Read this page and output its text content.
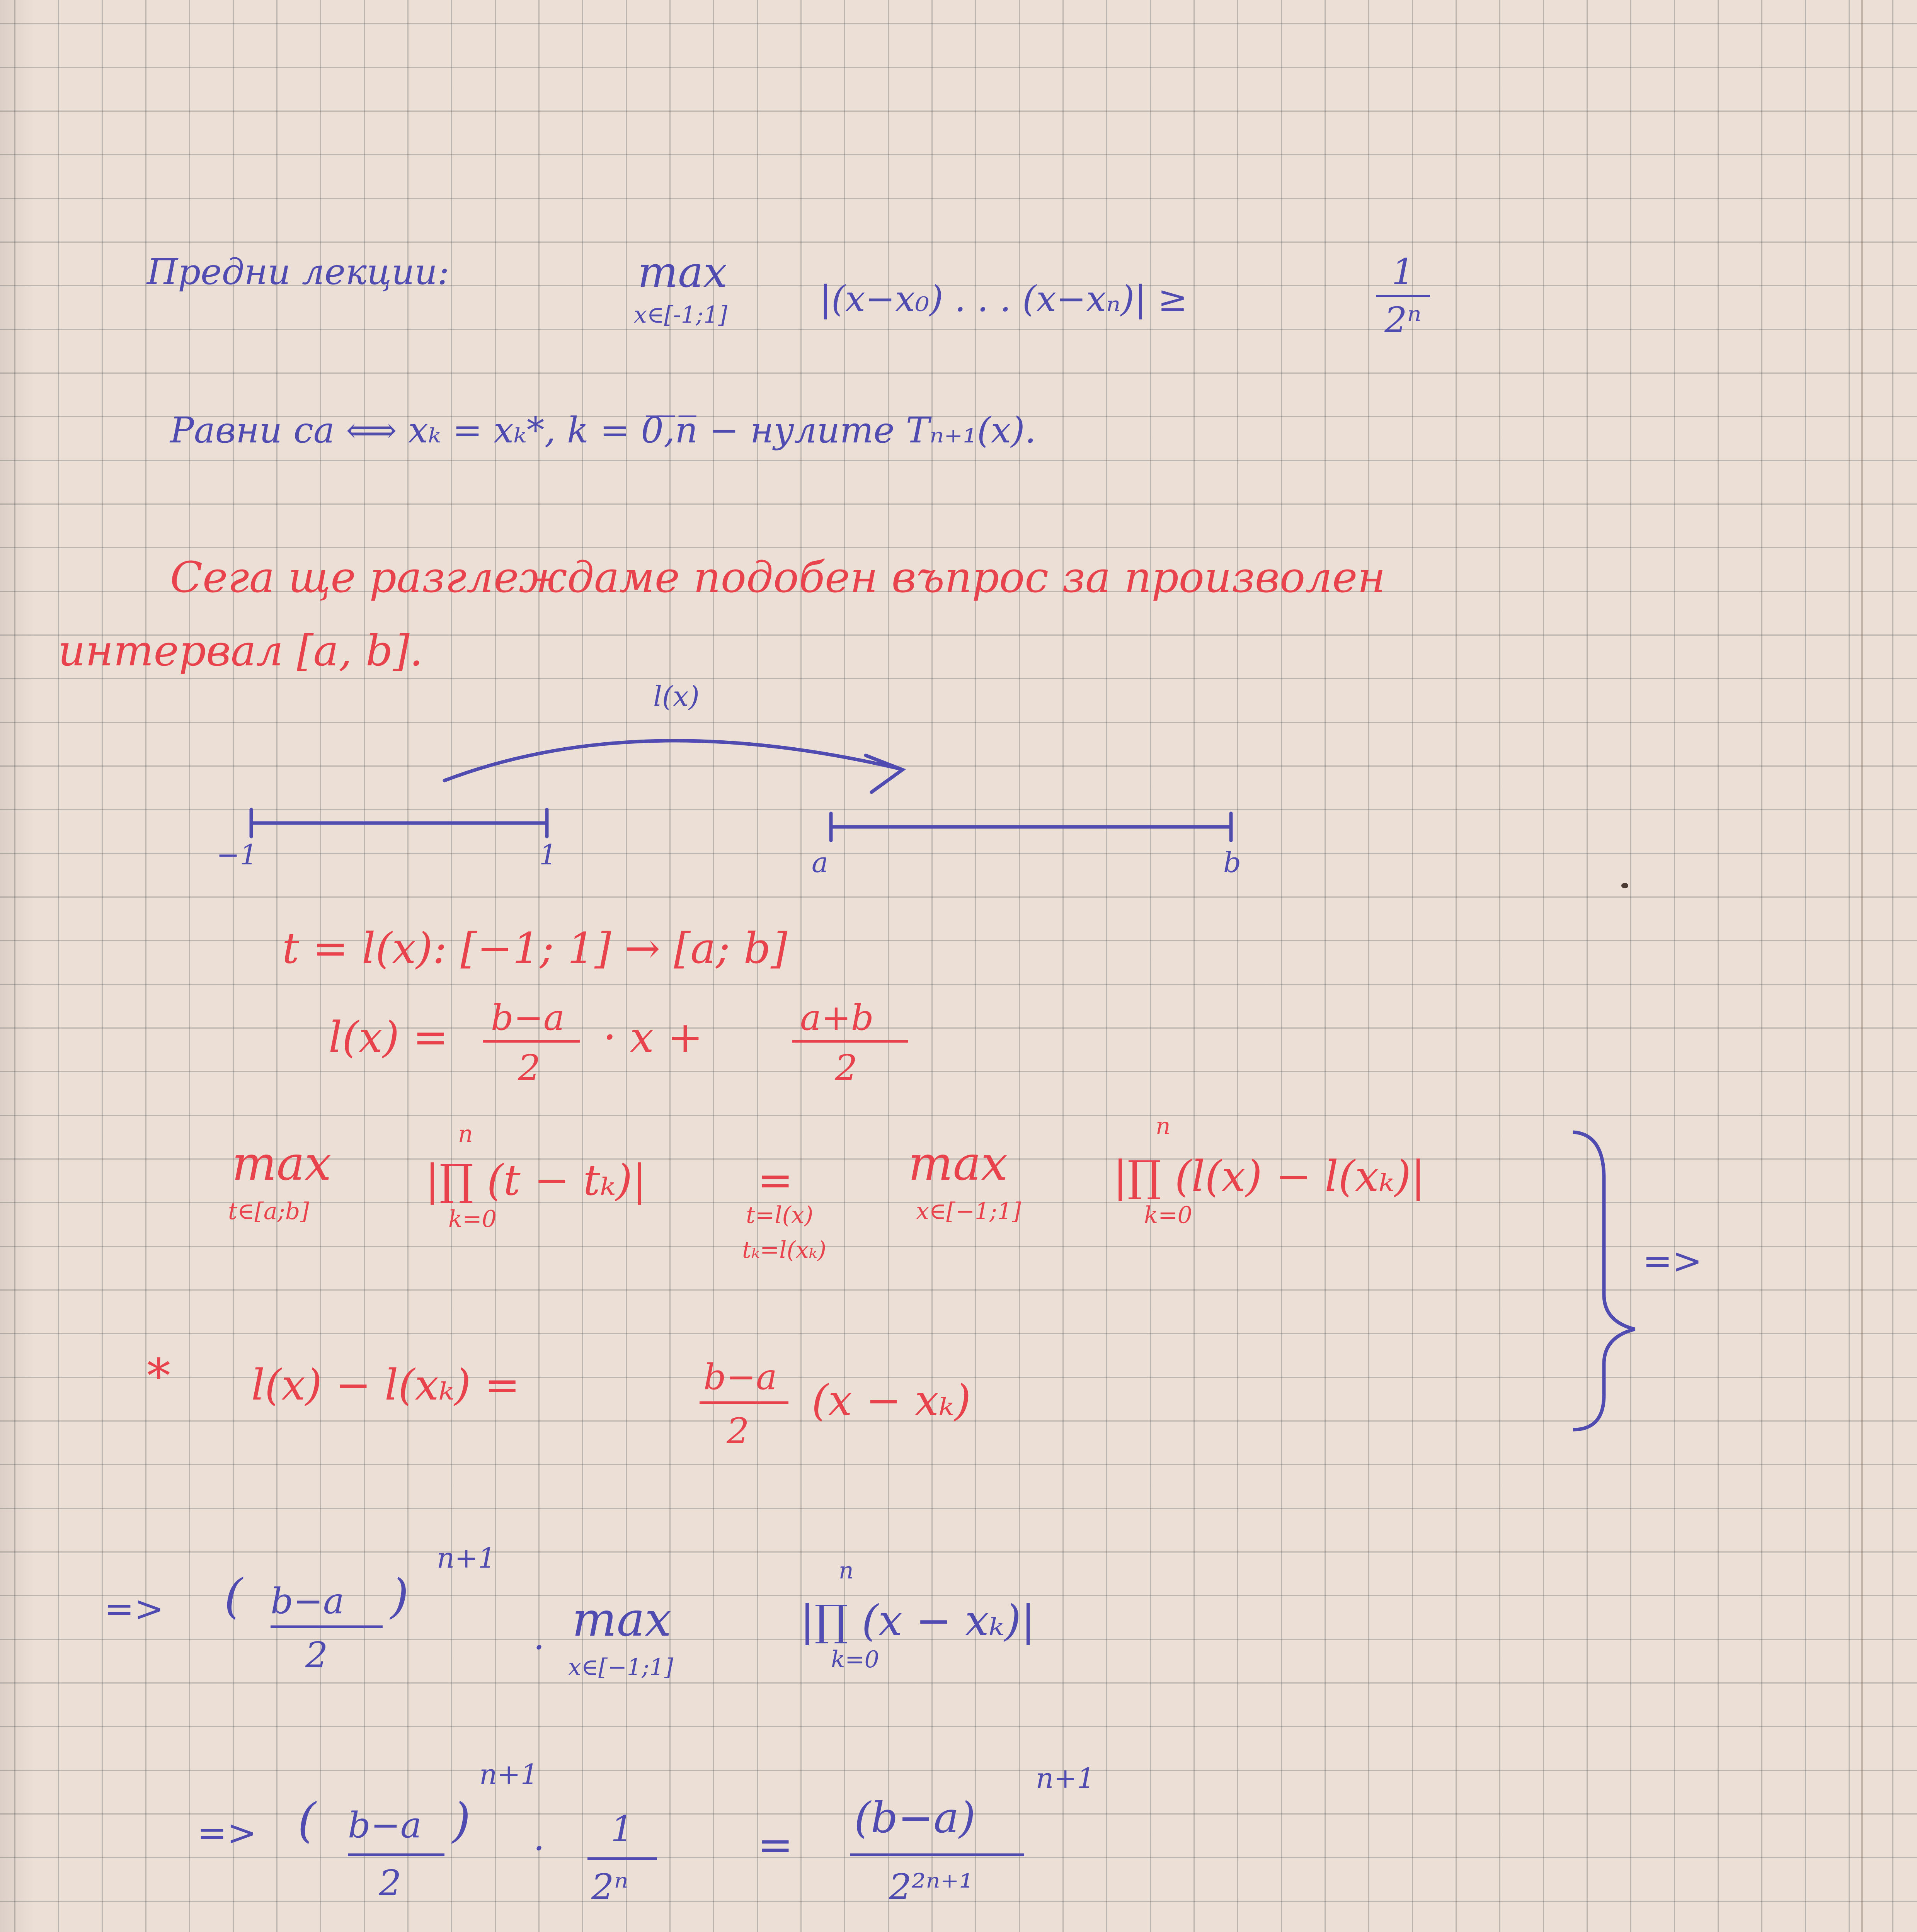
Предни лекции:	max
x∈[-1;1]	|(x−x₀) . . . (x−xₙ)| ≥
1
2ⁿ
Равни са ⟺ xₖ = xₖ*, k = 0̅,̅n̅ − нулите Tₙ₊₁(x).
Сега ще разглеждаме подобен въпрос за произволен
интервал [a, b].
l(x)
−1	1	a	b
t = l(x): [−1; 1] → [a; b]
l(x) = b−a
2
· x +	a+b
2
max
t∈[a;b]
n
|∏ (t − tₖ)|
k=0
=
t=l(x)
tₖ=l(xₖ)
max
x∈[−1;1]
n
|∏ (l(x) − l(xₖ)|
k=0
=>
* l(x) − l(xₖ) =	b−a
2
(x − xₖ)
=> ( b−a
2
)
n+1
·
max
x∈[−1;1]
n
|∏ (x − xₖ)|
k=0
=> ( b−a
2
)
n+1
· 1
2ⁿ
=
(b−a)
n+1
2²ⁿ⁺¹
